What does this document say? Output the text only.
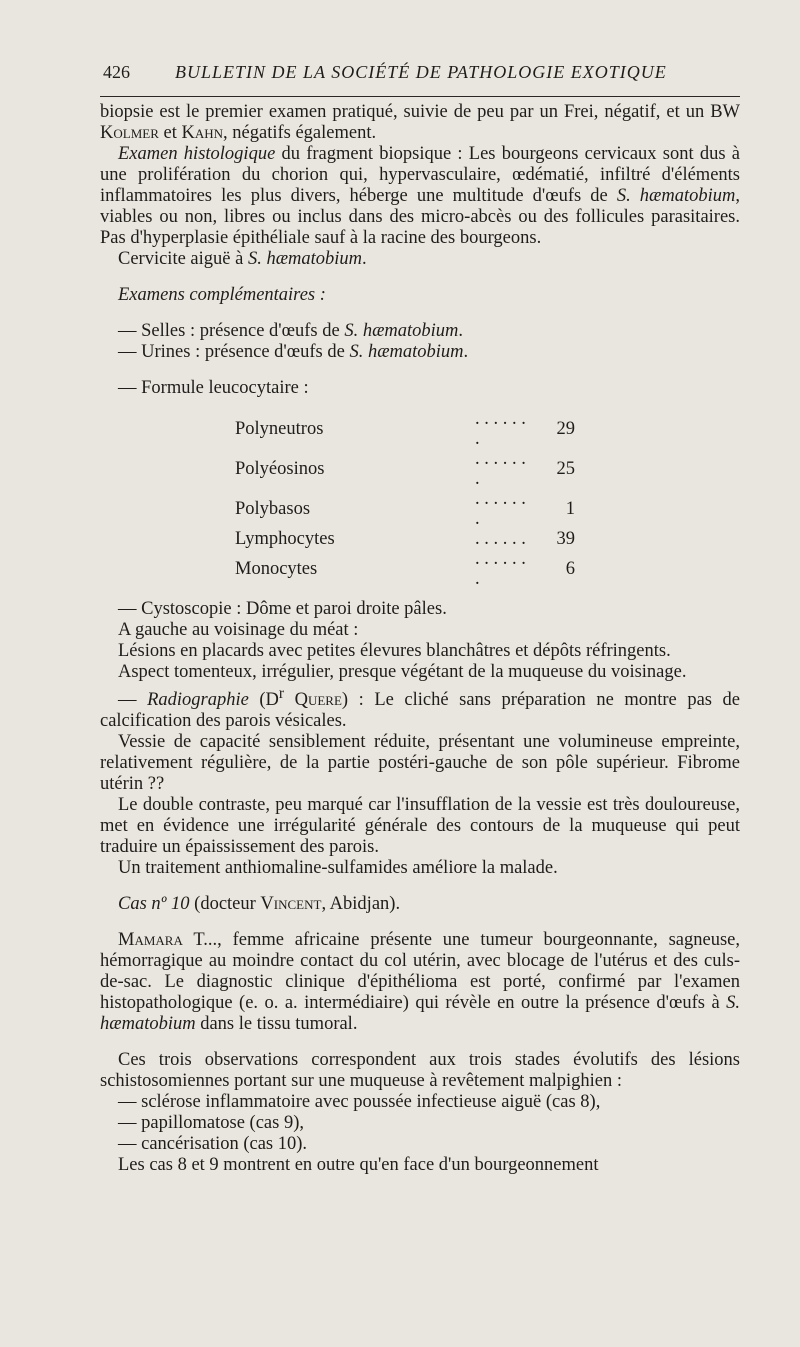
426	BULLETIN DE LA SOCIÉTÉ DE PATHOLOGIE EXOTIQUE

biopsie est le premier examen pratiqué, suivie de peu par un Frei, négatif, et un BW Kolmer et Kahn, négatifs également.

Examen histologique du fragment biopsique : Les bourgeons cervicaux sont dus à une prolifération du chorion qui, hypervasculaire, œdématié, infiltré d'éléments inflammatoires les plus divers, héberge une multitude d'œufs de S. hæmatobium, viables ou non, libres ou inclus dans des micro-abcès ou des follicules parasitaires. Pas d'hyperplasie épithéliale sauf à la racine des bourgeons.

Cervicite aiguë à S. hæmatobium.

Examens complémentaires :

— Selles : présence d'œufs de S. hæmatobium.

— Urines : présence d'œufs de S. hæmatobium.

— Formule leucocytaire :

Polyneutros	. . . . . . .	29
Polyéosinos	. . . . . . .	25
Polybasos	. . . . . . .	1
Lymphocytes	. . . . . .	39
Monocytes	. . . . . . .	6

— Cystoscopie : Dôme et paroi droite pâles.

A gauche au voisinage du méat :

Lésions en placards avec petites élevures blanchâtres et dépôts réfringents.

Aspect tomenteux, irrégulier, presque végétant de la muqueuse du voisinage.

— Radiographie ($D^r$ Quere) : Le cliché sans préparation ne montre pas de calcification des parois vésicales.

Vessie de capacité sensiblement réduite, présentant une volumineuse empreinte, relativement régulière, de la partie postéri-gauche de son pôle supérieur. Fibrome utérin ??

Le double contraste, peu marqué car l'insufflation de la vessie est très douloureuse, met en évidence une irrégularité générale des contours de la muqueuse qui peut traduire un épaississement des parois.

Un traitement anthiomaline-sulfamides améliore la malade.

Cas nº 10 (docteur Vincent, Abidjan).

Mamara T..., femme africaine présente une tumeur bourgeonnante, sagneuse, hémorragique au moindre contact du col utérin, avec blocage de l'utérus et des culs-de-sac. Le diagnostic clinique d'épithélioma est porté, confirmé par l'examen histopathologique (e. o. a. intermédiaire) qui révèle en outre la présence d'œufs à S. hæmatobium dans le tissu tumoral.

Ces trois observations correspondent aux trois stades évolutifs des lésions schistosomiennes portant sur une muqueuse à revêtement malpighien :

— sclérose inflammatoire avec poussée infectieuse aiguë (cas 8),

— papillomatose (cas 9),

— cancérisation (cas 10).

Les cas 8 et 9 montrent en outre qu'en face d'un bourgeonnement
